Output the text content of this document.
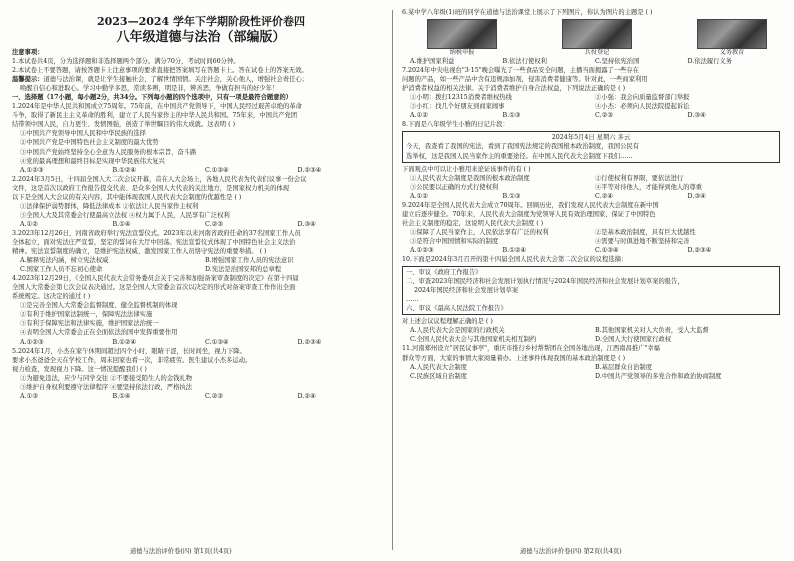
2023—2024 学年下学期阶段性评价卷四
八年级道德与法治（部编版）

注意事项：

1.本试卷共4页，分为选择题和非选择题两个部分。满分70分，考试时间60分钟。

2.本试卷上不要答题，请按答题卡上注意事项的要求直接把答案填写在答题卡上。答在试卷上的答案无效。

温馨提示：道德与法治课，就是让学生接触社会，了解世情国情。关注社会，关心他人，增强社会责任心；

唤醒自信心和进取心。学习中勤学多思，常读多辨，明是非，辨善恶，争做有担当的好少年！

一、选择题（17小题，每小题2分，共34分。下列每小题的四个选项中，只有一项是最符合题意的）

1.2024年是中华人民共和国成立75周年。75年前，在中国共产党领导下，中国人民经过艰苦卓绝的革命

斗争，取得了新民主主义革命的胜利，建立了人民当家作主的中华人民共和国。75年来，中国共产党团

结带领中国人民，自力更生、发愤图强，创造了举世瞩目的伟大成就。这表明 ( )

①中国共产党领导中国人民和中华民族的选择

②中国共产党是中国特色社会主义制度的最大优势

③中国共产党始终坚持全心全意为人民服务的根本宗旨、奋斗路

④党的最高理想和最终目标是实现中华民族伟大复兴

A.①②③	B.①②④	C.①③④	D.②③④

2.2024年3月5日，十四届全国人大二次会议开幕，首在人大会场上，各地人民代表为代表们议事一份会议

文件，这是首次以政府工作报告提交代表、是众多全国人大代表的关注地方，是国家权力机关的体现

以下是全国人大会议的有关内容，其中能体现我国人民代表大会制度的优越性是 ( )

①法律保护弱势群体，降低法律成本 ②依法让人民当家作主权利

③全国人大及其常委会行使最高立法权 ④权力属于人民，人民享有广泛权利

A.①②	B.①④	C.②③	D.③④

3.2023年12月26日，河南省政府举行宪法宣誓仪式。2023年以来河南省政府任命的37名国家工作人员

全体起立，面对宪法庄严宣誓，坚定的誓词在大厅中回荡。宪法宣誓仪式体现了中国特色社会主义法治

精神。宪法宣誓制度的确立，是维护宪法权威、激发国家工作人员恪守宪法的重要举措。 ( )

A.解释宪法内涵，树立宪法权威	B.增强国家工作人员的宪法意识
C.国家工作人员不忘初心使命	D.宪法是治国安邦的总章程

4.2023年12月29日，《全国人民代表大会常务委员会关于完善和加强备案审查制度的决定》在第十四届

全国人大常委会第七次会议表决通过。这是全国人大常委会首次以决定的形式对备案审查工作作出全面

系统规定。这决定的通过 ( )

①是完善全国人大常委会监督制度、健全监督机制的体现

②有利于维护国家法制统一，保障宪法法律实施

③有利于保障宪法和法律实施，维护国家法治统一

④表明全国人大常委会正在全面依法治国中发挥重要作用

A.①②③	B.①②④	C.①③④	D.②③④

5.2024年1月，小杰在家午休期间超过四个小时，眼睛干涩，长时间坐，视力下降。

要求小杰爸爸全天在学校工作，周末回家也看一次，非常疲劳。医生建议小杰多运动。

视力检查，发现视力下降。这一情况提醒我们 ( )

①为避免违法，应少与同学交往 ②不要接受陌生人的金钱礼物

③维护自身权利要遵守法律程序 ④要坚持依法行政，严格执法

A.①③	B.①④	C.②③	D.②④
道德与法治评价卷(四) 第1页(共4页)

6.某中学八年级(1)班的同学在道德与法治课堂上展示了下列图片，你认为图片的主题是 ( )

纳税申报	兵役登记	义务教育
A.维护国家利益	B.依法行使权利	C.坚持依宪治国	D.依法履行义务

7.2024年中央电视台"3·15"晚会曝光了一些食品安全问题，主播当面揭露了一些存在

问题的产品，如一些产品中含有违规添加剂，侵害消费者健康等。针对此，一些商家利用

护消费者权益的相关法律。关于消费者维护自身合法权益，下列说法正确的是 ( )

①小明：拨打12315消费者维权热线	②小强：我会向质量监督部门举报
③小红：找几个好朋友到商家闹事	④小杰：必须向人民法院提起诉讼
A.①②	B.①③	C.②③	D.③④

8.下面是八年级学生小雅的日记片段：

2024年5月4日 星期六 多云

今天，我查看了我国的宪法，看到了我国宪法规定的我国根本政治制度，我国公民有

选举权，这是我国人民当家作主的重要途径。在中国人民代表大会制度下我们……

下面观点中可以让小雅用来论证该事件的有 ( )

①人民代表大会制度是我国的根本政治制度	②行使权利有界限，要依法进行
③公民要以正确的方式行使权利	④平等对待他人，才能得到他人的尊重
A.①②	B.①③	C.②④	D.③④

9.2024年是全国人民代表大会成立70周年。回顾历史，我们发现人民代表大会制度在新中国

建立后逐步健全。70年来，人民代表大会制度为党领导人民有效治理国家、保证了中国特色

社会主义制度的稳定，这说明人民代表大会制度 ( )

①保障了人民当家作主，人民依法享有广泛的权利	②是基本政治制度，具有巨大优越性
③是符合中国国情和实际的制度	④需要与时俱进地不断坚持和完善
A.①②③	B.①②④	C.①③④	D.②③④

10.下面是2024年3月召开的第十四届全国人民代表大会第二次会议的议程选摘：

一、审议《政府工作报告》

二、审查2023年国民经济和社会发展计划执行情况与2024年国民经济和社会发展计划草案的报告，

2024年国民经济和社会发展计划草案

……

六、审议《最高人民法院工作报告》

对上述会议议程理解正确的是 ( )

A.人民代表大会是国家的行政机关	B.其他国家机关对人大负责，受人大监督
C.全国人民代表大会与其他国家机关相互制约	D.全国人大行使国家行政权

11.河南郑州设立"居民议事亭"，重庆市推行乡村帮帮团在全国各地出现，江西南昌推广"幸福

群众等方面，大家的事情大家商量着办。上述事件体现我国的基本政治制度是 ( )

A.人民代表大会制度	B.基层群众自治制度
C.民族区域自治制度	D.中国共产党领导的多党合作和政治协商制度
道德与法治评价卷(四) 第2页(共4页)
